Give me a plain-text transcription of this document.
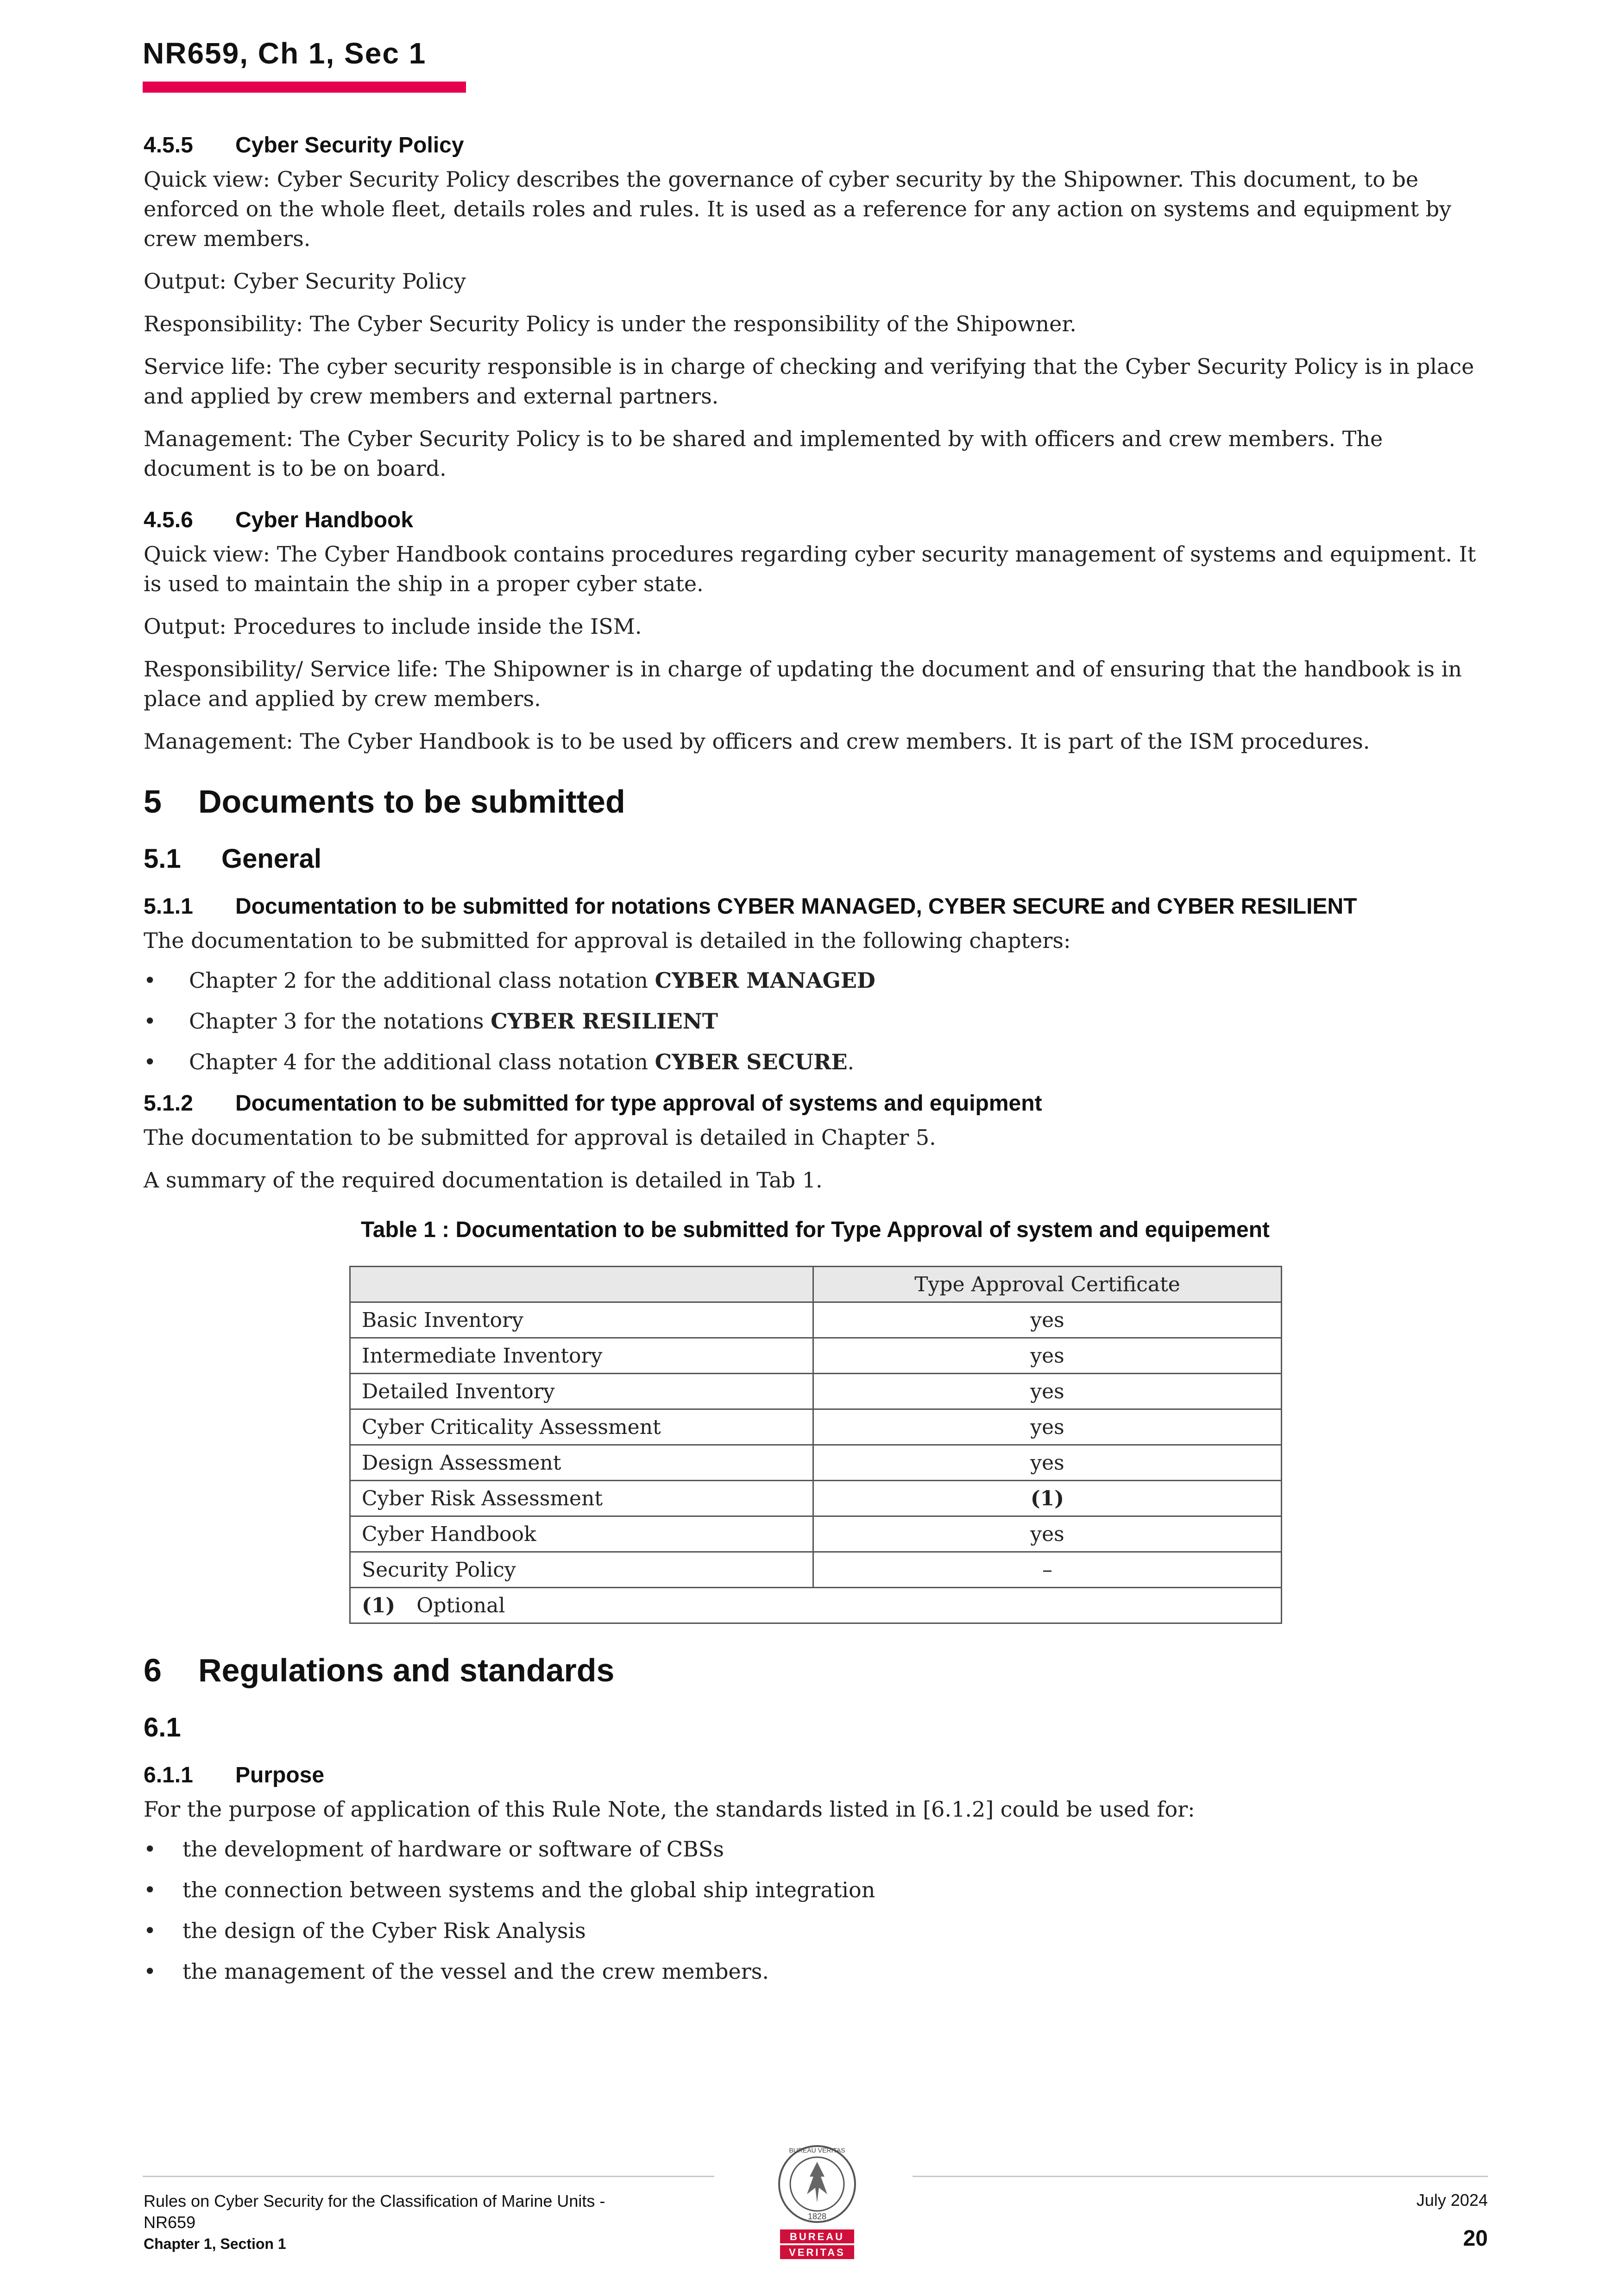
NR659, Ch 1, Sec 1
4.5.5	Cyber Security Policy

Quick view: Cyber Security Policy describes the governance of cyber security by the Shipowner. This document, to be enforced on the whole fleet, details roles and rules. It is used as a reference for any action on systems and equipment by crew members.

Output: Cyber Security Policy

Responsibility: The Cyber Security Policy is under the responsibility of the Shipowner.

Service life: The cyber security responsible is in charge of checking and verifying that the Cyber Security Policy is in place and applied by crew members and external partners.

Management: The Cyber Security Policy is to be shared and implemented by with officers and crew members. The document is to be on board.

4.5.6	Cyber Handbook

Quick view: The Cyber Handbook contains procedures regarding cyber security management of systems and equipment. It is used to maintain the ship in a proper cyber state.

Output: Procedures to include inside the ISM.

Responsibility/ Service life: The Shipowner is in charge of updating the document and of ensuring that the handbook is in place and applied by crew members.

Management: The Cyber Handbook is to be used by officers and crew members. It is part of the ISM procedures.

5	Documents to be submitted
5.1	General
5.1.1	Documentation to be submitted for notations CYBER MANAGED, CYBER SECURE and CYBER RESILIENT

The documentation to be submitted for approval is detailed in the following chapters:

• Chapter 2 for the additional class notation CYBER MANAGED
• Chapter 3 for the notations CYBER RESILIENT
• Chapter 4 for the additional class notation CYBER SECURE.
5.1.2	Documentation to be submitted for type approval of systems and equipment

The documentation to be submitted for approval is detailed in Chapter 5.

A summary of the required documentation is detailed in Tab 1.

Table 1 : Documentation to be submitted for Type Approval of system and equipement
	Type Approval Certificate
Basic Inventory	yes
Intermediate Inventory	yes
Detailed Inventory	yes
Cyber Criticality Assessment	yes
Design Assessment	yes
Cyber Risk Assessment	(1)
Cyber Handbook	yes
Security Policy	–
(1) Optional	
6	Regulations and standards
6.1
6.1.1	Purpose

For the purpose of application of this Rule Note, the standards listed in [6.1.2] could be used for:

• the development of hardware or software of CBSs
• the connection between systems and the global ship integration
• the design of the Cyber Risk Analysis
• the management of the vessel and the crew members.
Rules on Cyber Security for the Classification of Marine Units -
NR659
Chapter 1, Section 1
BUREAU VERITAS
1828
BUREAU
VERITAS
July 2024
20
